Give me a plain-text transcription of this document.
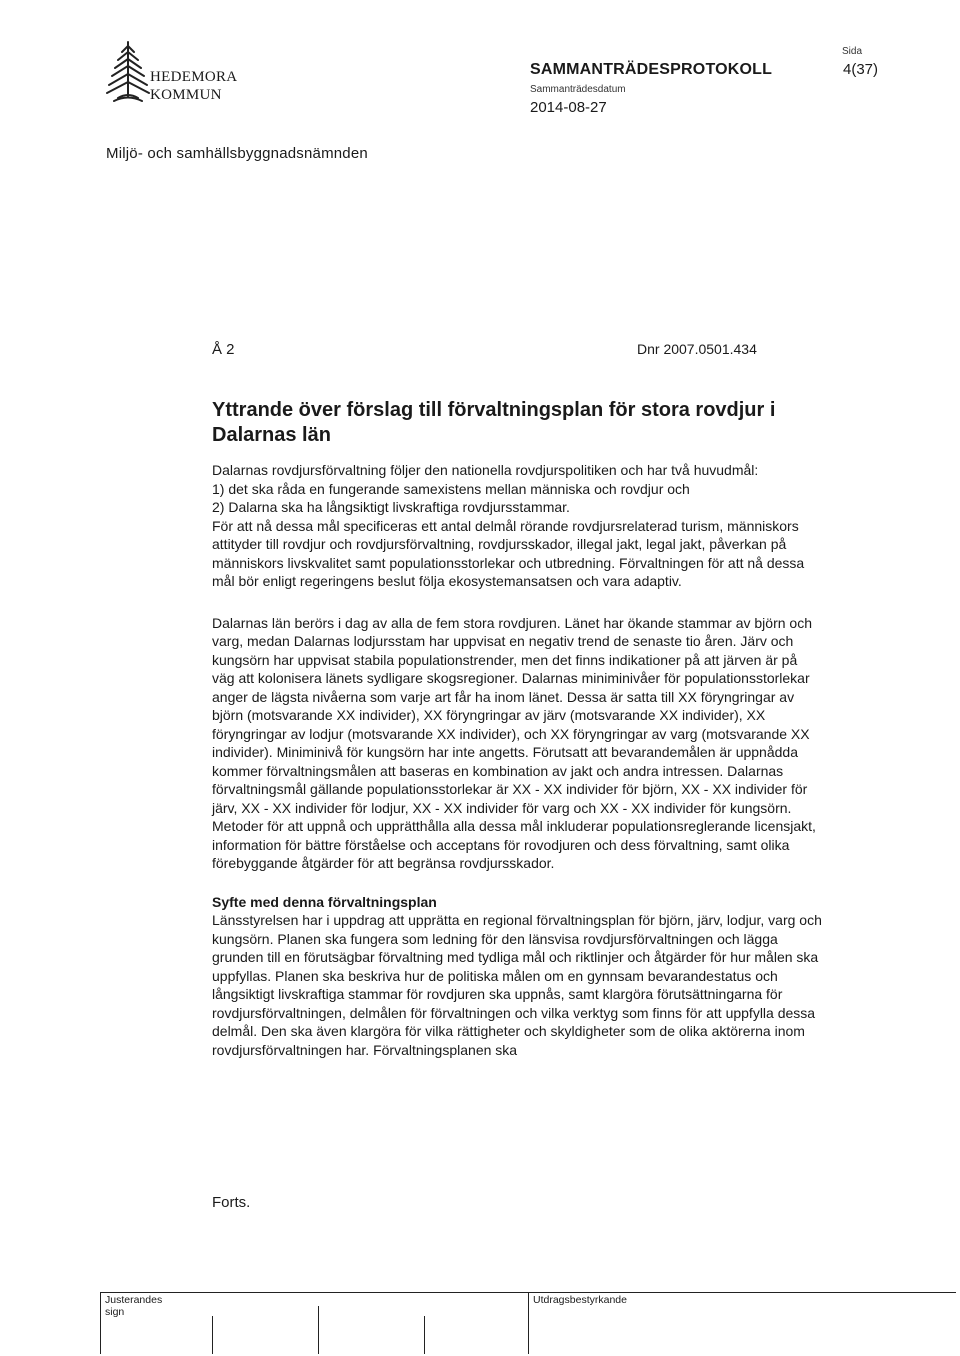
HEDEMORA
KOMMUN
SAMMANTRÄDESPROTOKOLL
Sammanträdesdatum
2014-08-27
Sida
4(37)
Miljö- och samhällsbyggnadsnämnden
Å 2	Dnr 2007.0501.434
Yttrande över förslag till förvaltningsplan för stora rovdjur i Dalarnas län

Dalarnas rovdjursförvaltning följer den nationella rovdjurspolitiken och har två huvudmål:

1) det ska råda en fungerande samexistens mellan människa och rovdjur och

2) Dalarna ska ha långsiktigt livskraftiga rovdjursstammar.

För att nå dessa mål specificeras ett antal delmål rörande rovdjursrelaterad turism, människors attityder till rovdjur och rovdjursförvaltning, rovdjursskador, illegal jakt, legal jakt, påverkan på människors livskvalitet samt populationsstorlekar och utbredning. Förvaltningen för att nå dessa mål bör enligt regeringens beslut följa ekosystemansatsen och vara adaptiv.

Dalarnas län berörs i dag av alla de fem stora rovdjuren. Länet har ökande stammar av björn och varg, medan Dalarnas lodjursstam har uppvisat en negativ trend de senaste tio åren. Järv och kungsörn har uppvisat stabila populationstrender, men det finns indikationer på att järven är på väg att kolonisera länets sydligare skogsregioner. Dalarnas miniminivåer för populationsstorlekar anger de lägsta nivåerna som varje art får ha inom länet. Dessa är satta till XX föryngringar av björn (motsvarande XX individer), XX föryngringar av järv (motsvarande XX individer), XX föryngringar av lodjur (motsvarande XX individer), och XX föryngringar av varg (motsvarande XX individer). Miniminivå för kungsörn har inte angetts. Förutsatt att bevarandemålen är uppnådda kommer förvaltningsmålen att baseras en kombination av jakt och andra intressen. Dalarnas förvaltningsmål gällande populationsstorlekar är XX - XX individer för björn, XX - XX individer för järv, XX - XX individer för lodjur, XX - XX individer för varg och XX - XX individer för kungsörn. Metoder för att uppnå och upprätthålla alla dessa mål inkluderar populationsreglerande licensjakt, information för bättre förståelse och acceptans för rovodjuren och dess förvaltning, samt olika förebyggande åtgärder för att begränsa rovdjursskador.

Syfte med denna förvaltningsplan

Länsstyrelsen har i uppdrag att upprätta en regional förvaltningsplan för björn, järv, lodjur, varg och kungsörn. Planen ska fungera som ledning för den länsvisa rovdjursförvaltningen och lägga grunden till en förutsägbar förvaltning med tydliga mål och riktlinjer och åtgärder för hur målen ska uppfyllas. Planen ska beskriva hur de politiska målen om en gynnsam bevarandestatus och långsiktigt livskraftiga stammar för rovdjuren ska uppnås, samt klargöra förutsättningarna för rovdjursförvaltningen, delmålen för förvaltningen och vilka verktyg som finns för att uppfylla dessa delmål. Den ska även klargöra för vilka rättigheter och skyldigheter som de olika aktörerna inom rovdjursförvaltningen har. Förvaltningsplanen ska

Forts.
Justerandes sign
Utdragsbestyrkande
